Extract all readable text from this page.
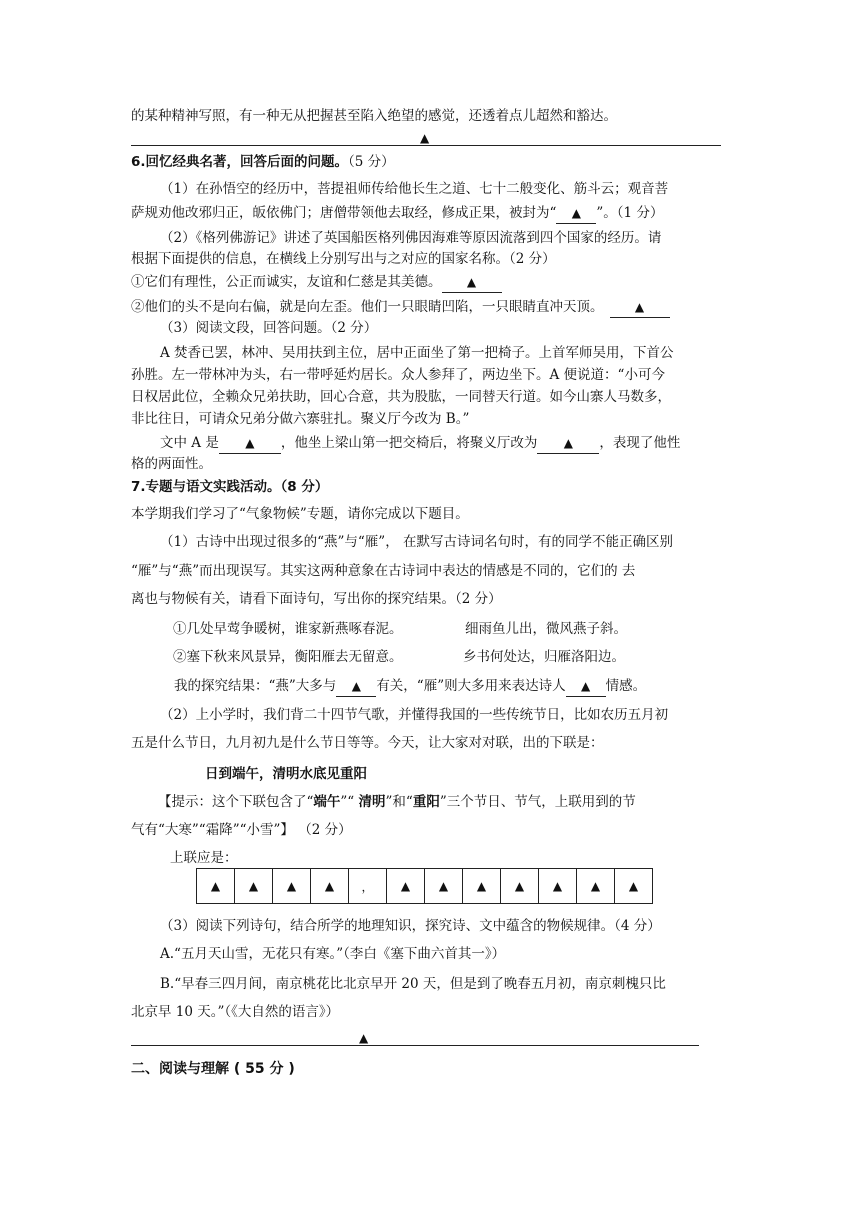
的某种精神写照，有一种无从把握甚至陷入绝望的感觉，还透着点儿超然和豁达。
▲
6.回忆经典名著，回答后面的问题。（5 分）
（1）在孙悟空的经历中，菩提祖师传给他长生之道、七十二般变化、筋斗云；观音菩
萨规劝他改邪归正，皈依佛门；唐僧带领他去取经，修成正果，被封为“ ▲ ”。（1 分）
（2）《格列佛游记》讲述了英国船医格列佛因海难等原因流落到四个国家的经历。请
根据下面提供的信息，在横线上分别写出与之对应的国家名称。（2 分）
①它们有理性，公正而诚实，友谊和仁慈是其美德。 ▲
②他们的头不是向右偏，就是向左歪。他们一只眼睛凹陷，一只眼睛直冲天顶。	▲
（3）阅读文段，回答问题。（2 分）
A 焚香已罢，林冲、吴用扶到主位，居中正面坐了第一把椅子。上首军师吴用，下首公
孙胜。左一带林冲为头，右一带呼延灼居长。众人参拜了，两边坐下。A 便说道：“小可今
日权居此位，全赖众兄弟扶助，回心合意，共为股肱，一同替天行道。如今山寨人马数多，
非比往日，可请众兄弟分做六寨驻扎。聚义厅今改为 B。”
文中 A 是 ▲ ，他坐上梁山第一把交椅后，将聚义厅改为 ▲ ，表现了他性
格的两面性。
7.专题与语文实践活动。（8 分）
本学期我们学习了“气象物候”专题，请你完成以下题目。
（1）古诗中出现过很多的“燕”与“雁”， 在默写古诗词名句时，有的同学不能正确区别
“雁”与“燕”而出现误写。其实这两种意象在古诗词中表达的情感是不同的，它们的 去
离也与物候有关，请看下面诗句，写出你的探究结果。（2 分）
①几处早莺争暖树，谁家新燕啄春泥。	细雨鱼儿出，微风燕子斜。
②塞下秋来风景异，衡阳雁去无留意。	乡书何处达，归雁洛阳边。
我的探究结果：“燕”大多与 ▲ 有关，“雁”则大多用来表达诗人 ▲ 情感。
（2）上小学时，我们背二十四节气歌，并懂得我国的一些传统节日，比如农历五月初
五是什么节日，九月初九是什么节日等等。今天，让大家对对联，出的下联是：
日到端午，清明水底见重阳
【提示：这个下联包含了“端午”“ 清明”和“重阳”三个节日、节气，上联用到的节
气有“大寒”“霜降”“小雪”】 （2 分）
上联应是：
▲	▲	▲	▲	，	▲	▲	▲	▲	▲	▲	▲
（3）阅读下列诗句，结合所学的地理知识，探究诗、文中蕴含的物候规律。（4 分）
A.“五月天山雪，无花只有寒。”（李白《塞下曲六首其一》）
B.“早春三四月间，南京桃花比北京早开 20 天，但是到了晚春五月初，南京刺槐只比
北京早 10 天。”（《大自然的语言》）
▲
二、阅读与理解 ( 55 分 )
